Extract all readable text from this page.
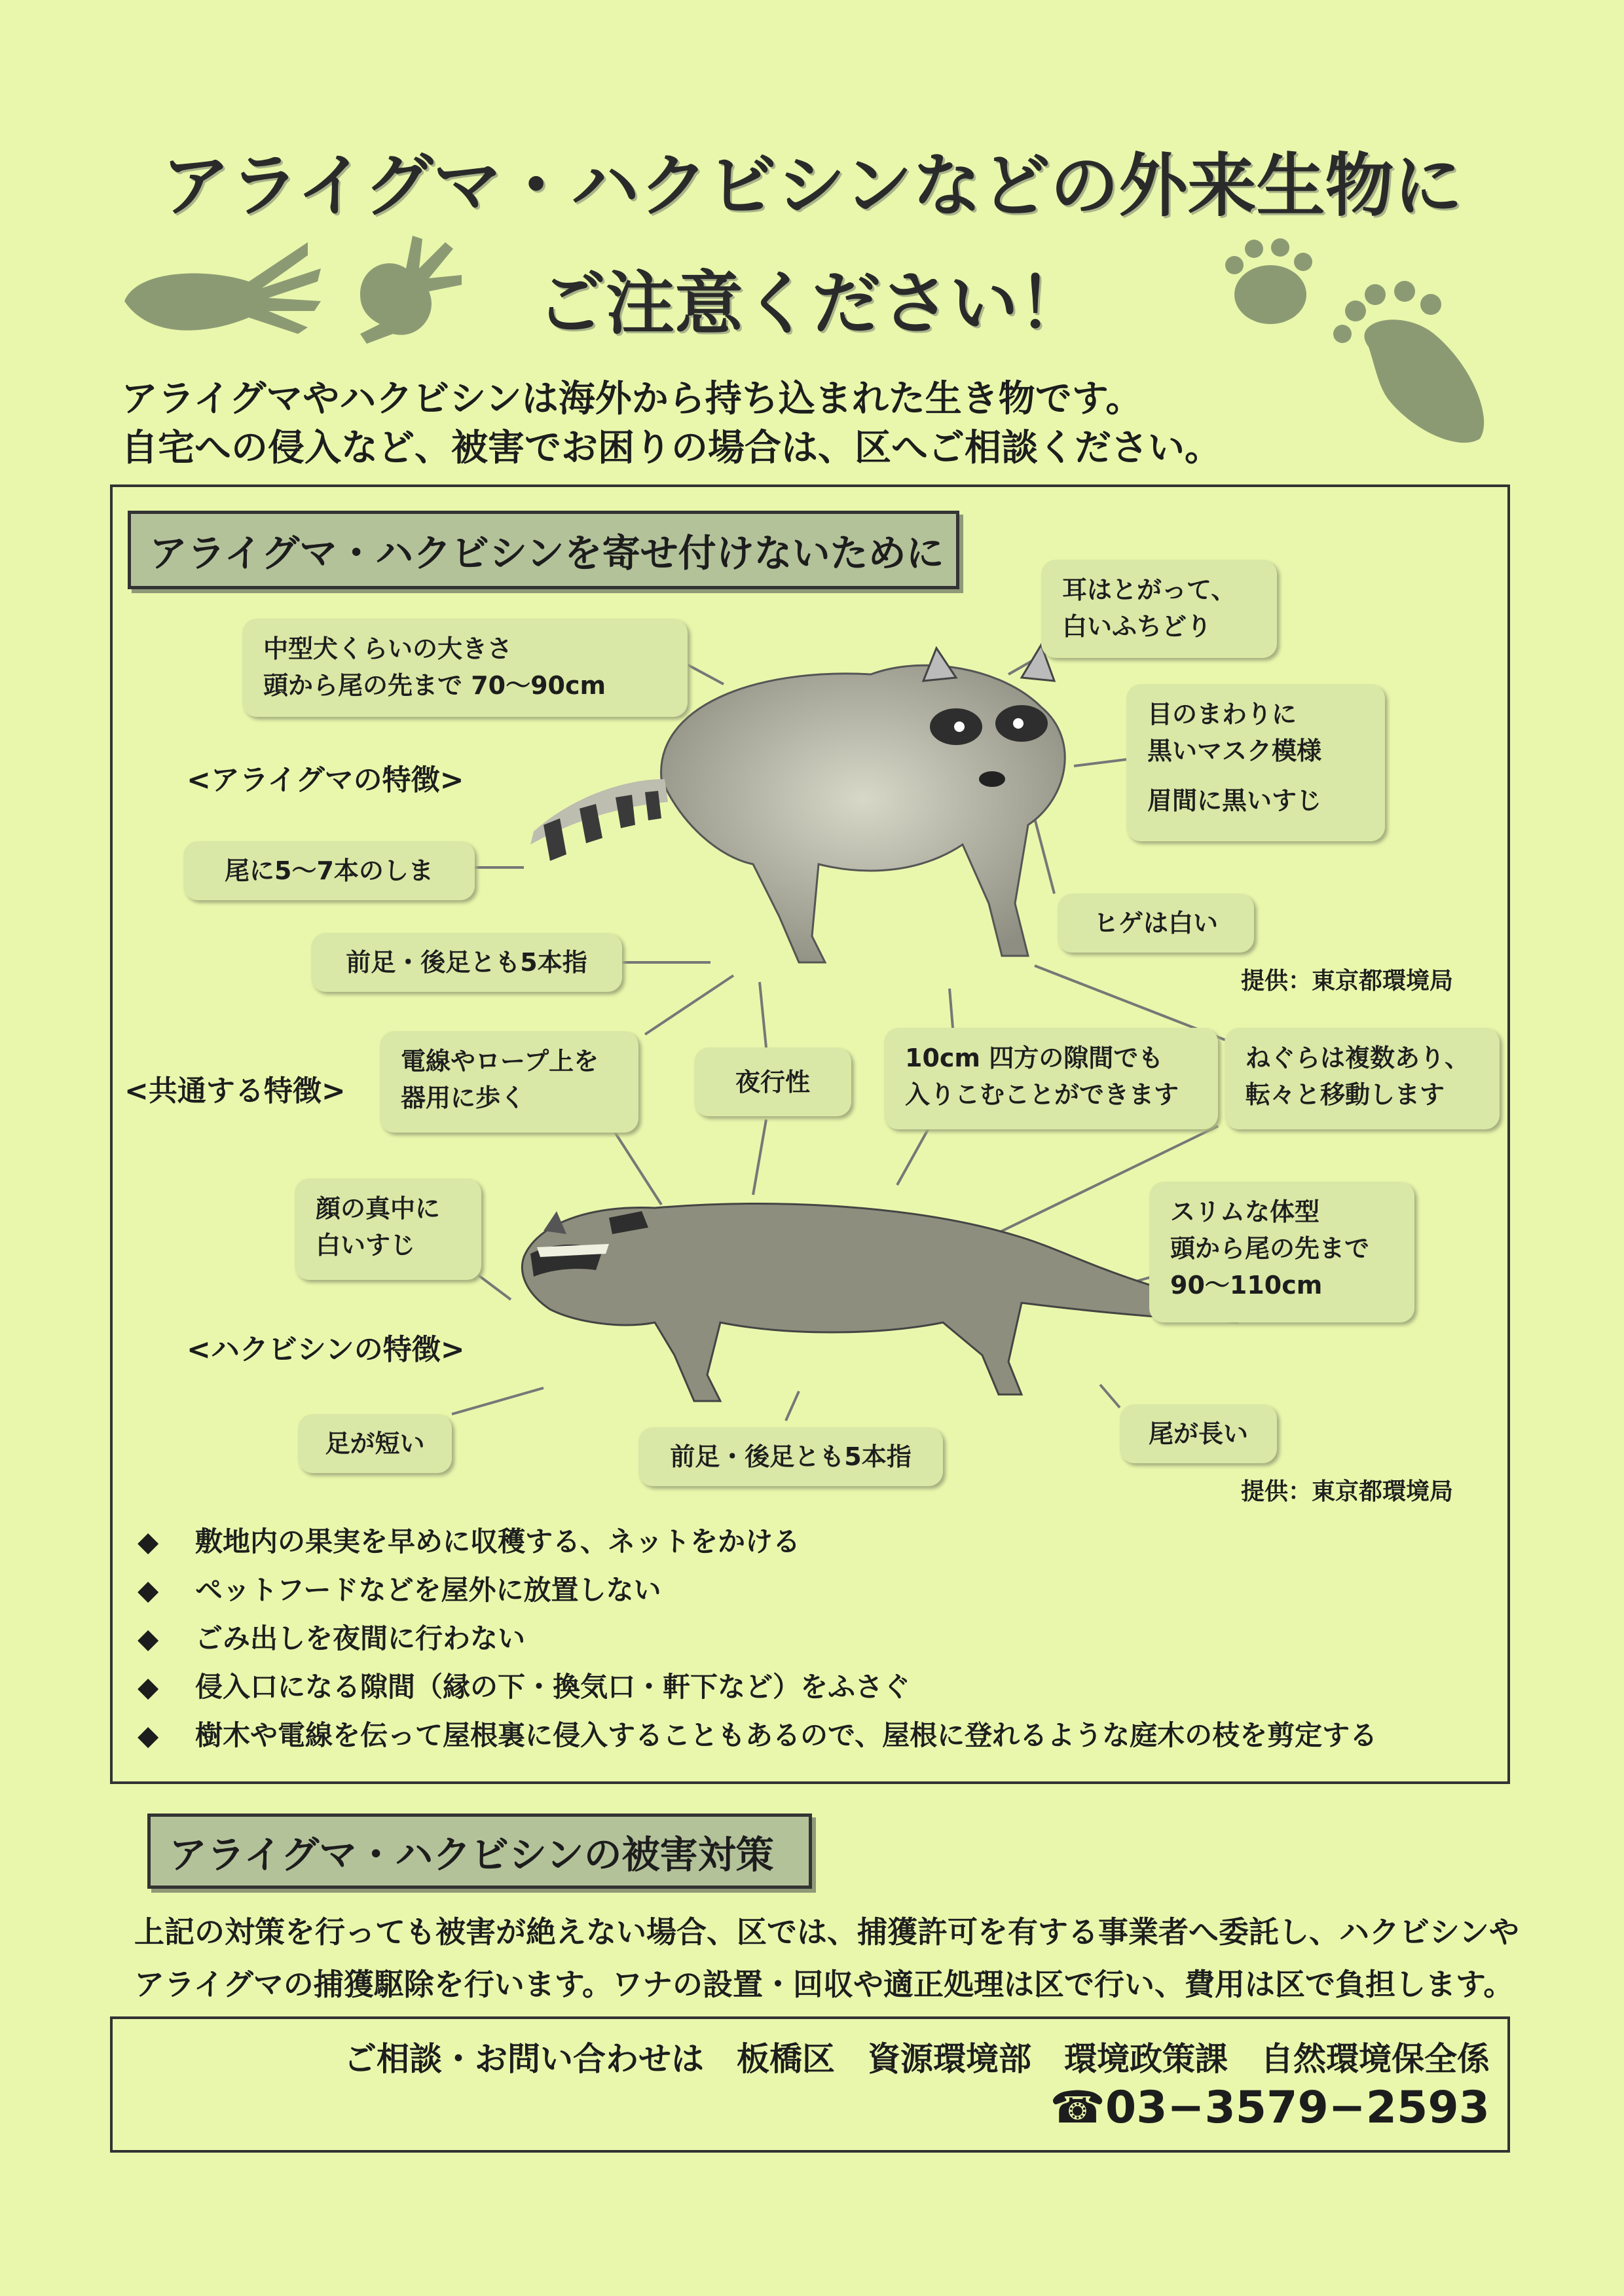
アライグマ・ハクビシンなどの外来生物に
ご注意ください！
アライグマやハクビシンは海外から持ち込まれた生き物です。
自宅への侵入など、被害でお困りの場合は、区へご相談ください。
アライグマ・ハクビシンを寄せ付けないために
中型犬くらいの大きさ
頭から尾の先まで 70～90cm
耳はとがって、
白いふちどり
目のまわりに
黒いマスク模様
眉間に黒いすじ
<アライグマの特徴>
尾に5～7本のしま
ヒゲは白い
前足・後足とも5本指
提供：東京都環境局
<共通する特徴>
電線やロープ上を
器用に歩く
夜行性
10cm 四方の隙間でも
入りこむことができます
ねぐらは複数あり、
転々と移動します
顔の真中に
白いすじ
スリムな体型
頭から尾の先まで
90～110cm
<ハクビシンの特徴>
足が短い	前足・後足とも5本指
尾が長い
提供：東京都環境局
◆ 敷地内の果実を早めに収穫する、ネットをかける
◆ ペットフードなどを屋外に放置しない
◆ ごみ出しを夜間に行わない
◆ 侵入口になる隙間（縁の下・換気口・軒下など）をふさぐ
◆ 樹木や電線を伝って屋根裏に侵入することもあるので、屋根に登れるような庭木の枝を剪定する
アライグマ・ハクビシンの被害対策
上記の対策を行っても被害が絶えない場合、区では、捕獲許可を有する事業者へ委託し、ハクビシンや
アライグマの捕獲駆除を行います。ワナの設置・回収や適正処理は区で行い、費用は区で負担します。
ご相談・お問い合わせは　板橋区　資源環境部　環境政策課　自然環境保全係
☎03−3579−2593
